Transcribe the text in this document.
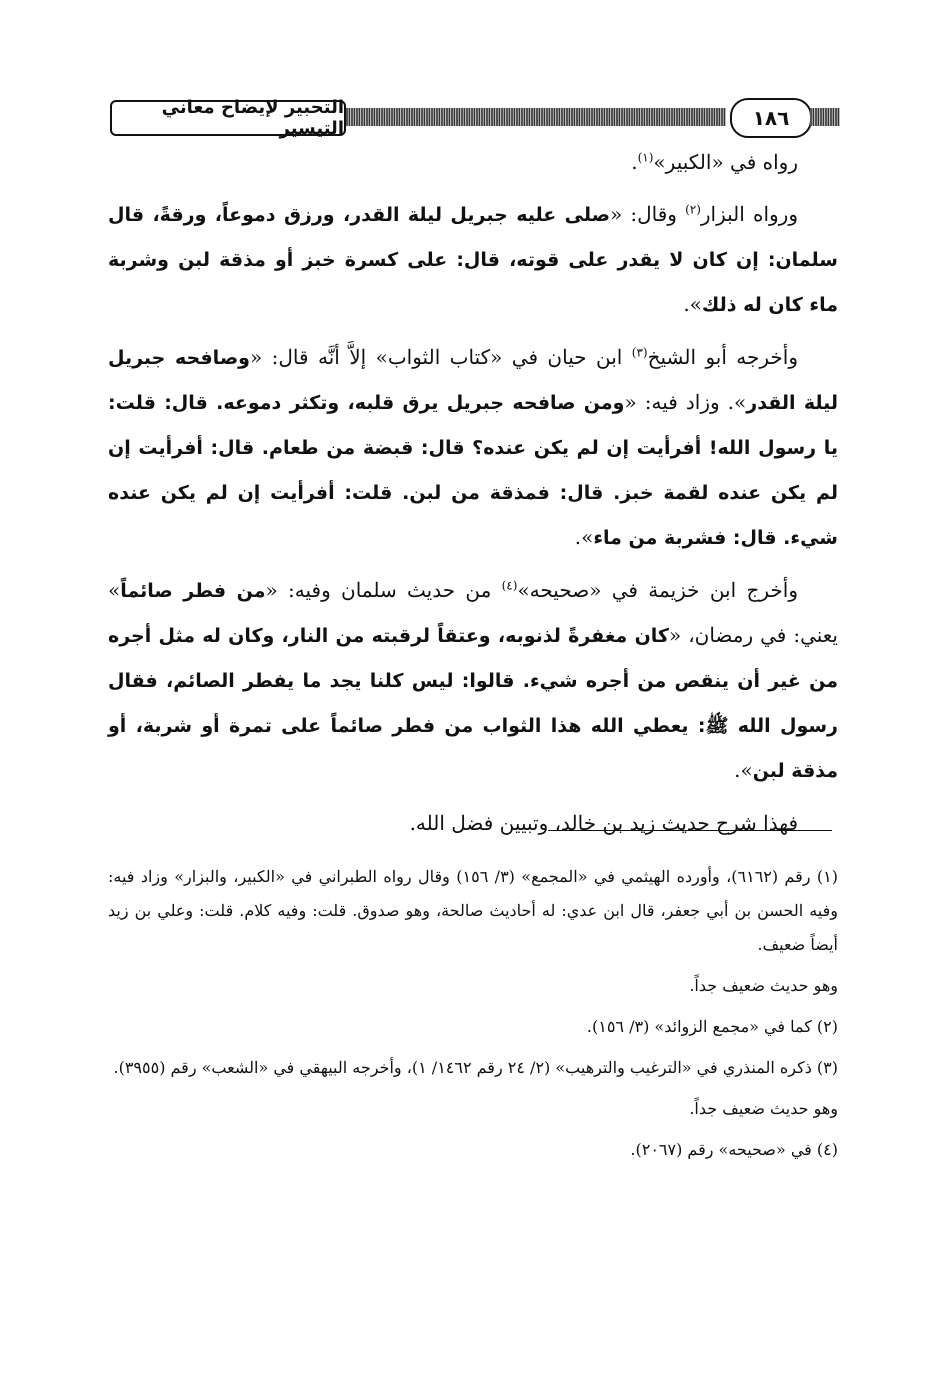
التحبير لإيضاح معاني التيسير	١٨٦

رواه في «الكبير»$^{(١)}$.

ورواه البزار$^{(٢)}$ وقال: «صلى عليه جبريل ليلة القدر، ورزق دموعاً، ورقةً، قال سلمان: إن كان لا يقدر على قوته، قال: على كسرة خبز أو مذقة لبن وشربة ماء كان له ذلك».

وأخرجه أبو الشيخ$^{(٣)}$ ابن حيان في «كتاب الثواب» إلاَّ أنَّه قال: «وصافحه جبريل ليلة القدر». وزاد فيه: «ومن صافحه جبريل يرق قلبه، وتكثر دموعه. قال: قلت: يا رسول الله! أفرأيت إن لم يكن عنده؟ قال: قبضة من طعام. قال: أفرأيت إن لم يكن عنده لقمة خبز. قال: فمذقة من لبن. قلت: أفرأيت إن لم يكن عنده شيء. قال: فشربة من ماء».

وأخرج ابن خزيمة في «صحيحه»$^{(٤)}$ من حديث سلمان وفيه: «من فطر صائماً» يعني: في رمضان، «كان مغفرةً لذنوبه، وعتقاً لرقبته من النار، وكان له مثل أجره من غير أن ينقص من أجره شيء. قالوا: ليس كلنا يجد ما يفطر الصائم، فقال رسول الله ﷺ: يعطي الله هذا الثواب من فطر صائماً على تمرة أو شربة، أو مذقة لبن».

فهذا شرح حديث زيد بن خالد، وتبيين فضل الله.

(١) رقم (٦١٦٢)، وأورده الهيثمي في «المجمع» (٣/ ١٥٦) وقال رواه الطبراني في «الكبير، والبزار» وزاد فيه: وفيه الحسن بن أبي جعفر، قال ابن عدي: له أحاديث صالحة، وهو صدوق. قلت: وفيه كلام. قلت: وعلي بن زيد أيضاً ضعيف.

وهو حديث ضعيف جداً.

(٢) كما في «مجمع الزوائد» (٣/ ١٥٦).

(٣) ذكره المنذري في «الترغيب والترهيب» (٢/ ٢٤ رقم ١٤٦٢/ ١)، وأخرجه البيهقي في «الشعب» رقم (٣٩٥٥).

وهو حديث ضعيف جداً.

(٤) في «صحيحه» رقم (٢٠٦٧).
